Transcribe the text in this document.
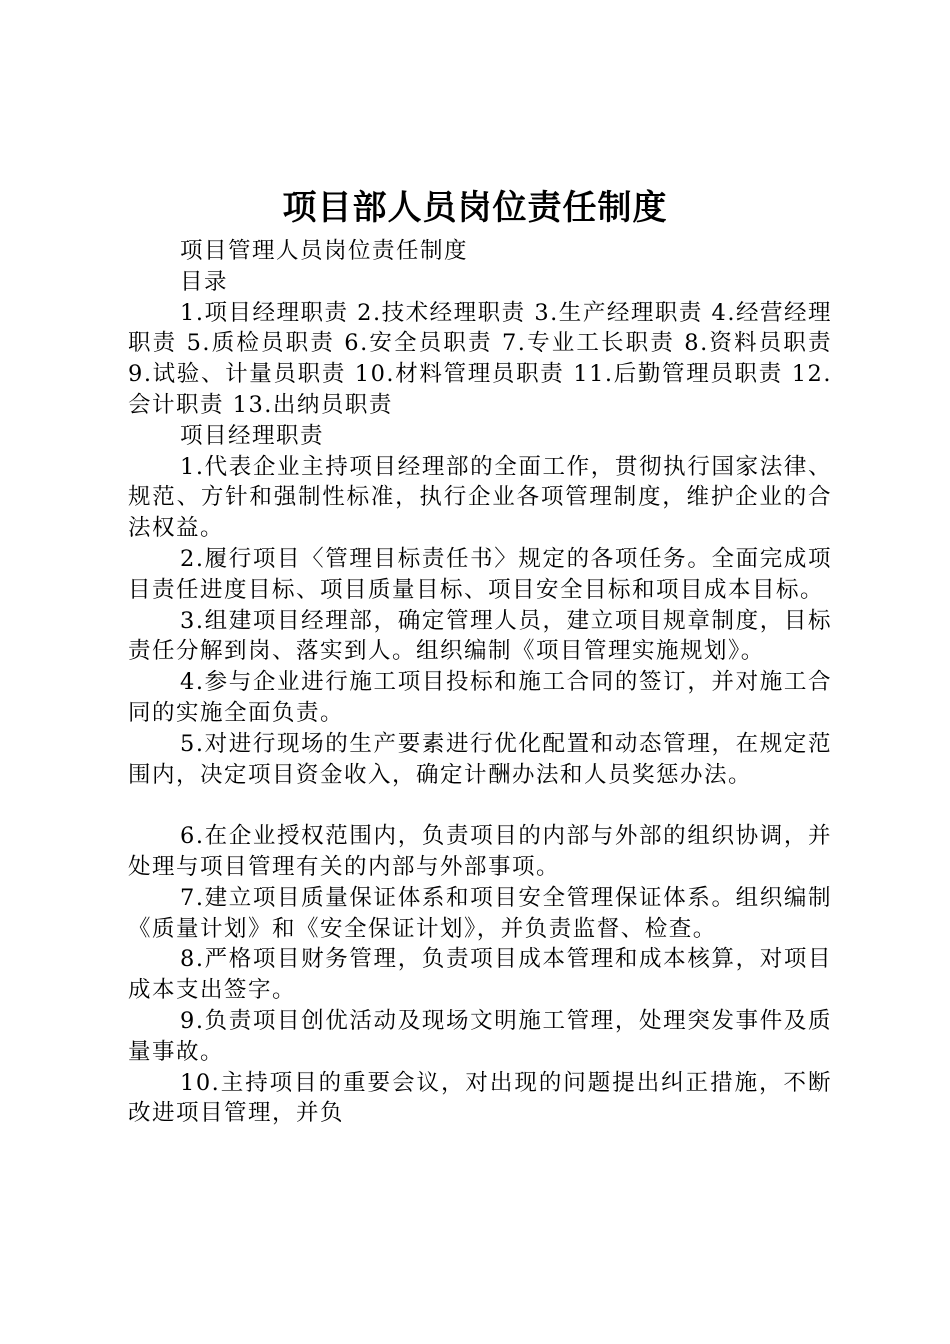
项目部人员岗位责任制度

项目管理人员岗位责任制度

目录

1.项目经理职责 2.技术经理职责 3.生产经理职责 4.经营经理职责 5.质检员职责 6.安全员职责 7.专业工长职责 8.资料员职责 9.试验、计量员职责 10.材料管理员职责 11.后勤管理员职责 12.会计职责 13.出纳员职责

项目经理职责

1.代表企业主持项目经理部的全面工作，贯彻执行国家法律、规范、方针和强制性标准，执行企业各项管理制度，维护企业的合法权益。

2.履行项目〈管理目标责任书〉规定的各项任务。全面完成项目责任进度目标、项目质量目标、项目安全目标和项目成本目标。

3.组建项目经理部，确定管理人员，建立项目规章制度，目标责任分解到岗、落实到人。组织编制《项目管理实施规划》。

4.参与企业进行施工项目投标和施工合同的签订，并对施工合同的实施全面负责。

5.对进行现场的生产要素进行优化配置和动态管理，在规定范围内，决定项目资金收入，确定计酬办法和人员奖惩办法。

6.在企业授权范围内，负责项目的内部与外部的组织协调，并处理与项目管理有关的内部与外部事项。

7.建立项目质量保证体系和项目安全管理保证体系。组织编制《质量计划》和《安全保证计划》，并负责监督、检查。

8.严格项目财务管理，负责项目成本管理和成本核算，对项目成本支出签字。

9.负责项目创优活动及现场文明施工管理，处理突发事件及质量事故。

10.主持项目的重要会议，对出现的问题提出纠正措施，不断改进项目管理，并负
